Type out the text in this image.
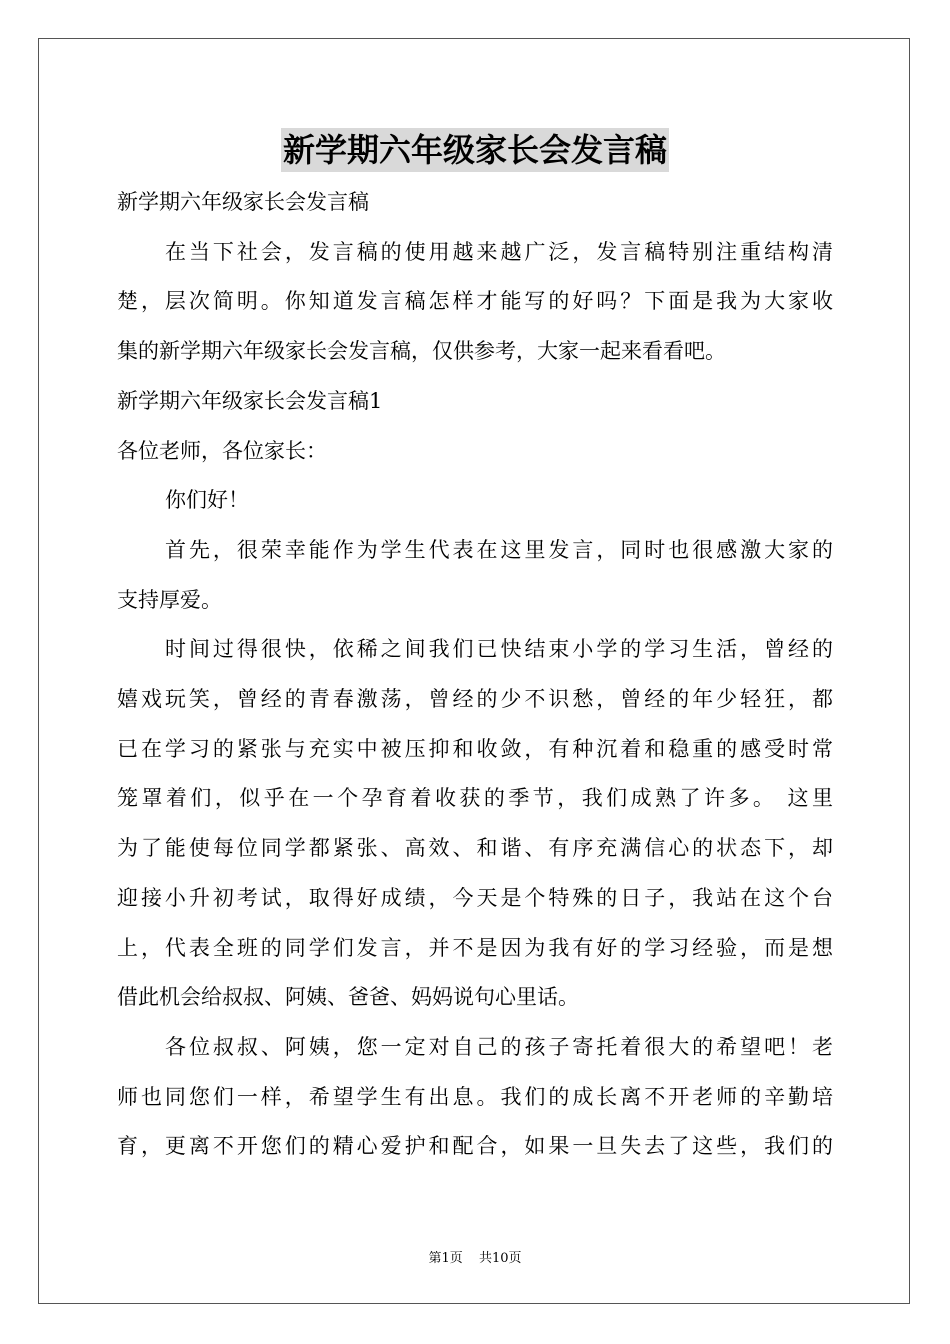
新学期六年级家长会发言稿
新学期六年级家长会发言稿
在当下社会，发言稿的使用越来越广泛，发言稿特别注重结构清
楚，层次简明。你知道发言稿怎样才能写的好吗？下面是我为大家收
集的新学期六年级家长会发言稿，仅供参考，大家一起来看看吧。
新学期六年级家长会发言稿1
各位老师，各位家长：
你们好！
首先，很荣幸能作为学生代表在这里发言，同时也很感激大家的
支持厚爱。
时间过得很快，依稀之间我们已快结束小学的学习生活，曾经的
嬉戏玩笑，曾经的青春激荡，曾经的少不识愁，曾经的年少轻狂，都
已在学习的紧张与充实中被压抑和收敛，有种沉着和稳重的感受时常
笼罩着们，似乎在一个孕育着收获的季节，我们成熟了许多。 这里
为了能使每位同学都紧张、高效、和谐、有序充满信心的状态下，却
迎接小升初考试，取得好成绩，今天是个特殊的日子，我站在这个台
上，代表全班的同学们发言，并不是因为我有好的学习经验，而是想
借此机会给叔叔、阿姨、爸爸、妈妈说句心里话。
各位叔叔、阿姨，您一定对自己的孩子寄托着很大的希望吧！老
师也同您们一样，希望学生有出息。我们的成长离不开老师的辛勤培
育，更离不开您们的精心爱护和配合，如果一旦失去了这些，我们的
第1页 共10页
